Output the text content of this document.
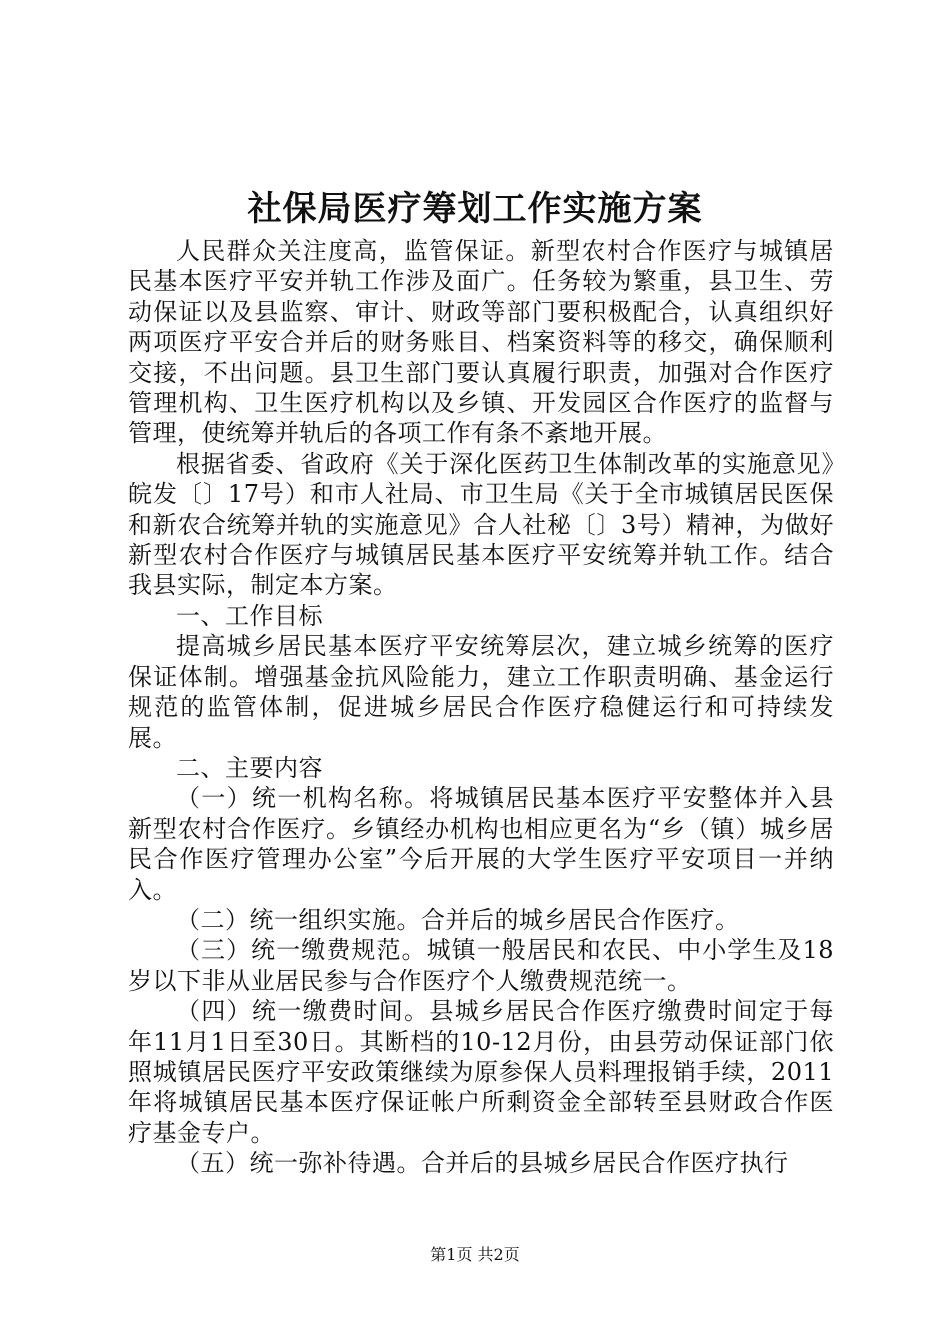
社保局医疗筹划工作实施方案

人民群众关注度高，监管保证。新型农村合作医疗与城镇居民基本医疗平安并轨工作涉及面广。任务较为繁重，县卫生、劳动保证以及县监察、审计、财政等部门要积极配合，认真组织好两项医疗平安合并后的财务账目、档案资料等的移交，确保顺利交接，不出问题。县卫生部门要认真履行职责，加强对合作医疗管理机构、卫生医疗机构以及乡镇、开发园区合作医疗的监督与管理，使统筹并轨后的各项工作有条不紊地开展。

根据省委、省政府《关于深化医药卫生体制改革的实施意见》皖发〔〕17号）和市人社局、市卫生局《关于全市城镇居民医保和新农合统筹并轨的实施意见》合人社秘〔〕3号）精神，为做好新型农村合作医疗与城镇居民基本医疗平安统筹并轨工作。结合我县实际，制定本方案。

一、工作目标

提高城乡居民基本医疗平安统筹层次，建立城乡统筹的医疗保证体制。增强基金抗风险能力，建立工作职责明确、基金运行规范的监管体制，促进城乡居民合作医疗稳健运行和可持续发展。

二、主要内容

（一）统一机构名称。将城镇居民基本医疗平安整体并入县新型农村合作医疗。乡镇经办机构也相应更名为“乡（镇）城乡居民合作医疗管理办公室”今后开展的大学生医疗平安项目一并纳入。

（二）统一组织实施。合并后的城乡居民合作医疗。

（三）统一缴费规范。城镇一般居民和农民、中小学生及18岁以下非从业居民参与合作医疗个人缴费规范统一。

（四）统一缴费时间。县城乡居民合作医疗缴费时间定于每年11月1日至30日。其断档的10-12月份，由县劳动保证部门依照城镇居民医疗平安政策继续为原参保人员料理报销手续，2011年将城镇居民基本医疗保证帐户所剩资金全部转至县财政合作医疗基金专户。

（五）统一弥补待遇。合并后的县城乡居民合作医疗执行

第1页 共2页
